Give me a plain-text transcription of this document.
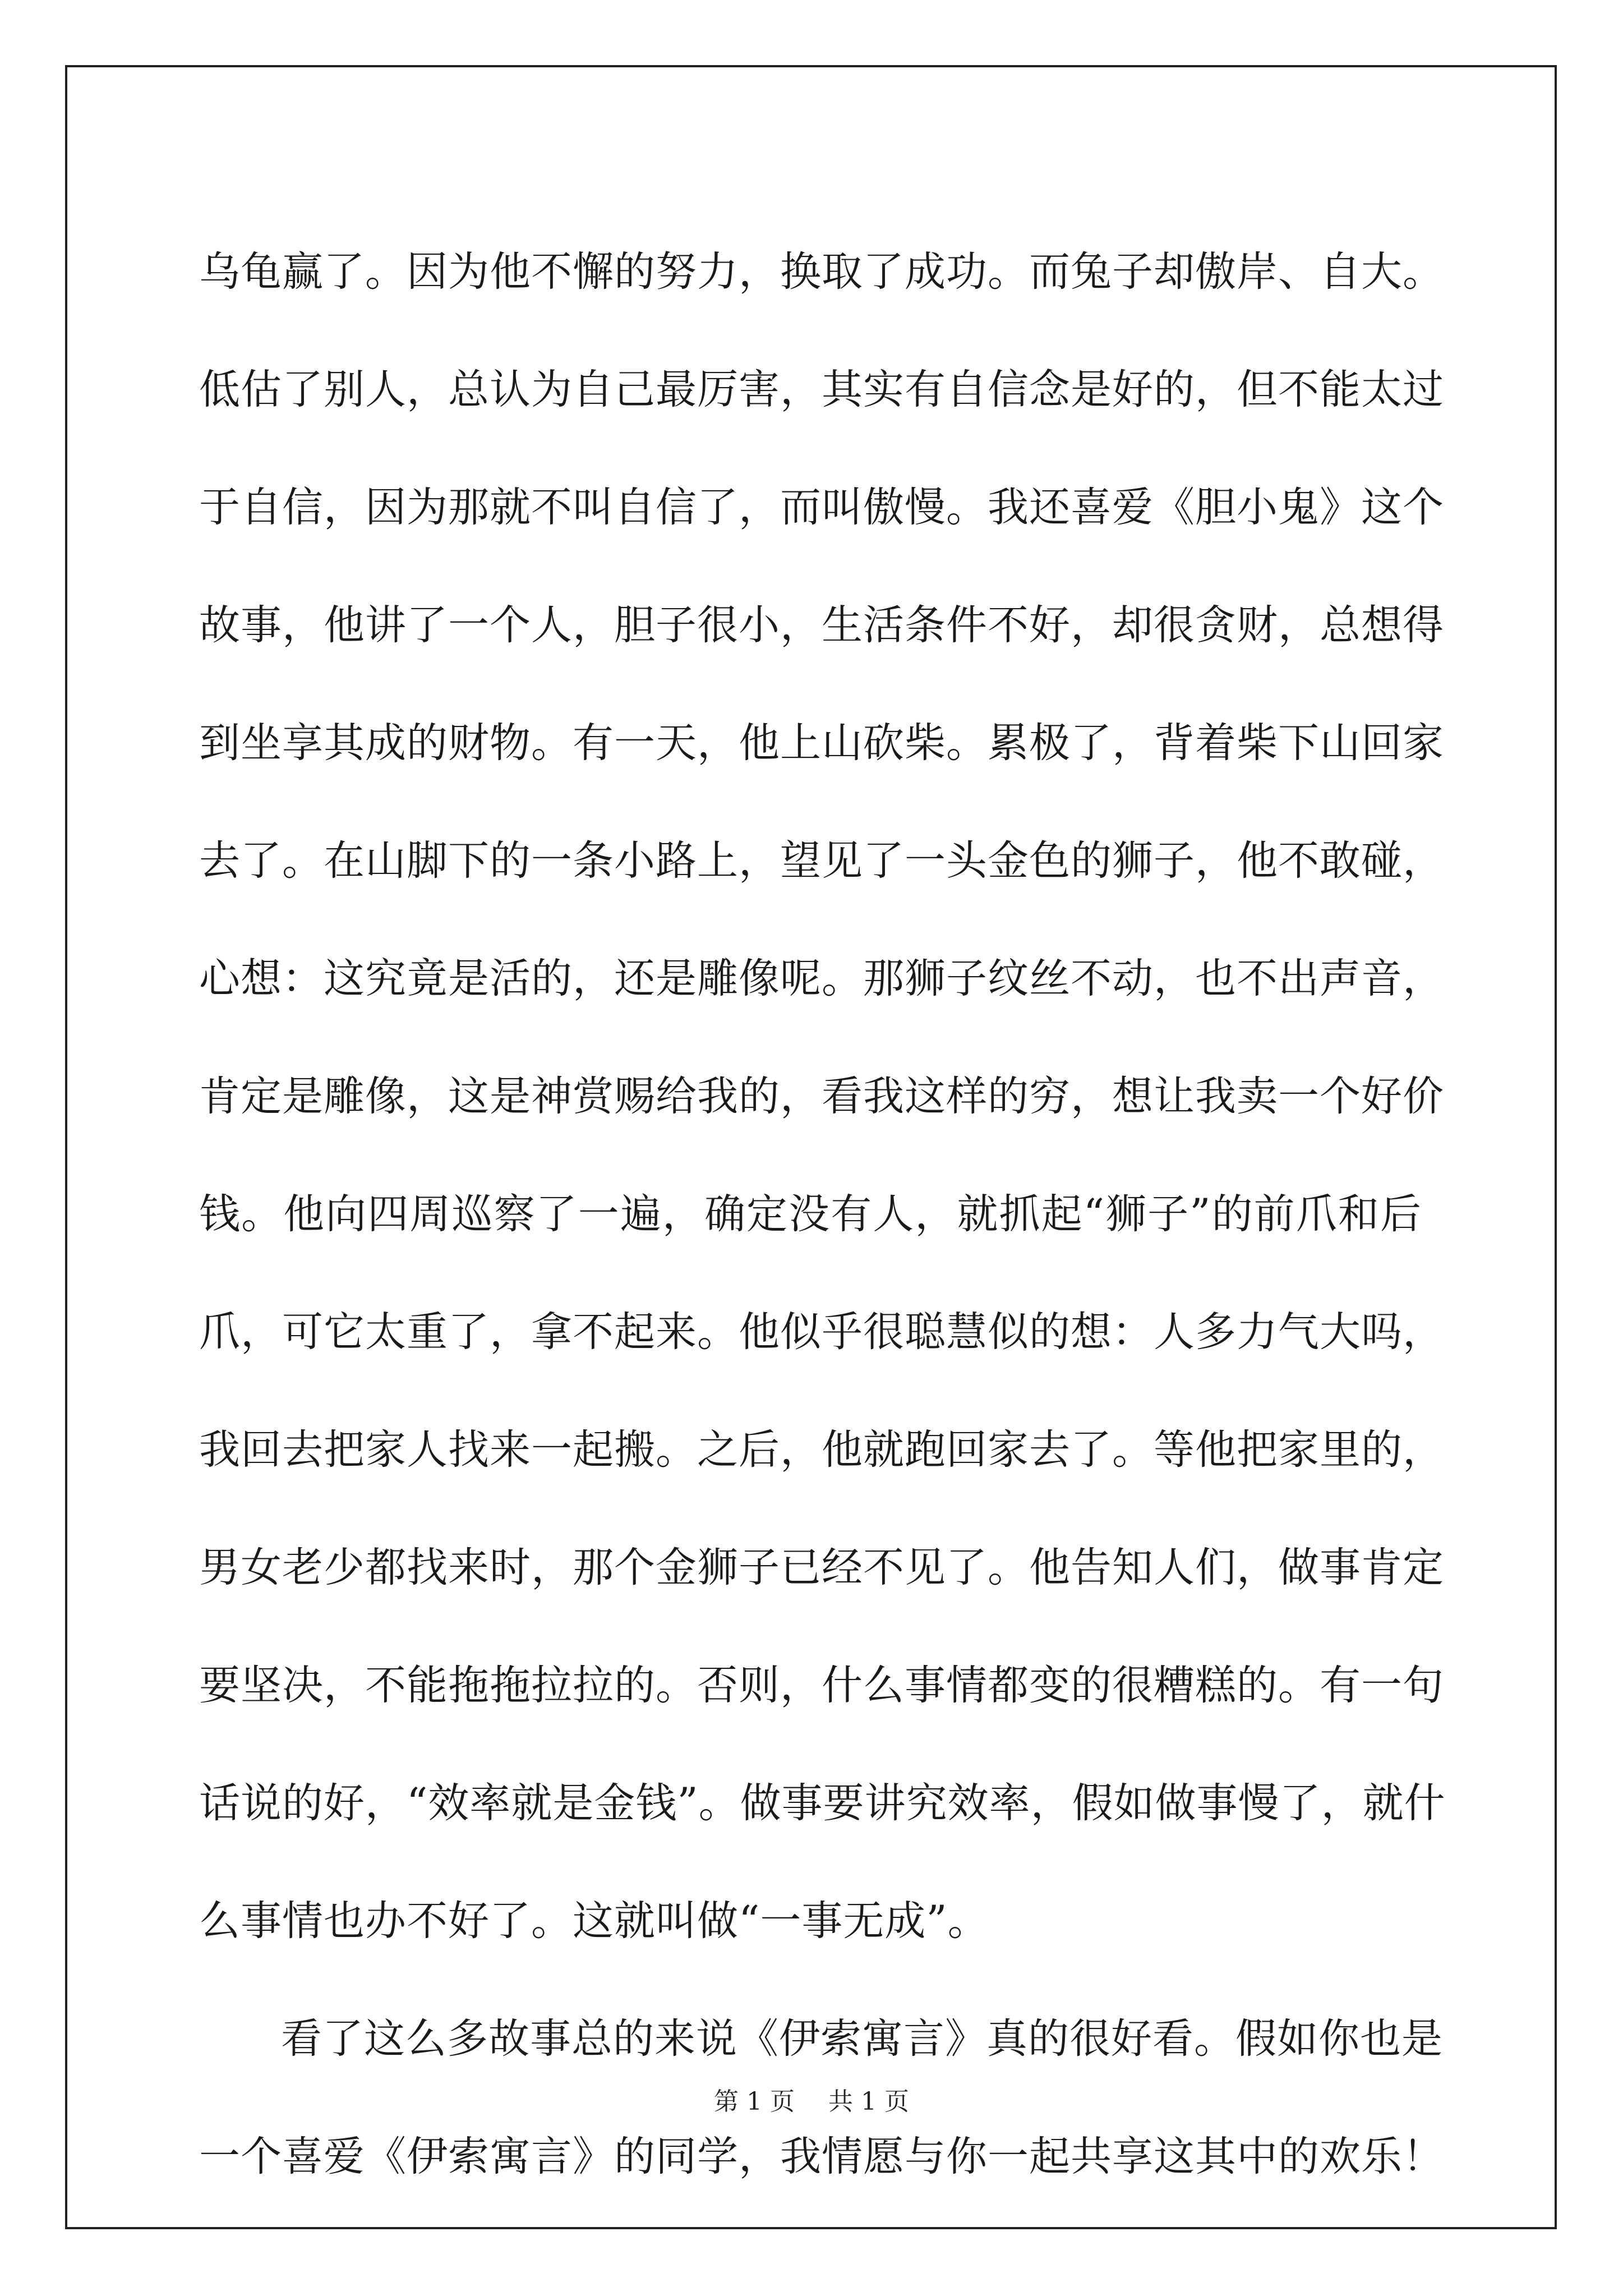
乌龟赢了。因为他不懈的努力，换取了成功。而兔子却傲岸、自大。
低估了别人，总认为自己最厉害，其实有自信念是好的，但不能太过
于自信，因为那就不叫自信了，而叫傲慢。我还喜爱《胆小鬼》这个
故事，他讲了一个人，胆子很小，生活条件不好，却很贪财，总想得
到坐享其成的财物。有一天，他上山砍柴。累极了，背着柴下山回家
去了。在山脚下的一条小路上，望见了一头金色的狮子，他不敢碰，
心想：这究竟是活的，还是雕像呢。那狮子纹丝不动，也不出声音，
肯定是雕像，这是神赏赐给我的，看我这样的穷，想让我卖一个好价
钱。他向四周巡察了一遍，确定没有人，就抓起“狮子”的前爪和后
爪，可它太重了，拿不起来。他似乎很聪慧似的想：人多力气大吗，
我回去把家人找来一起搬。之后，他就跑回家去了。等他把家里的，
男女老少都找来时，那个金狮子已经不见了。他告知人们，做事肯定
要坚决，不能拖拖拉拉的。否则，什么事情都变的很糟糕的。有一句
话说的好，“效率就是金钱”。做事要讲究效率，假如做事慢了，就什
么事情也办不好了。这就叫做“一事无成”。
看了这么多故事总的来说《伊索寓言》真的很好看。假如你也是
一个喜爱《伊索寓言》的同学，我情愿与你一起共享这其中的欢乐！
第 1 页 共 1 页
